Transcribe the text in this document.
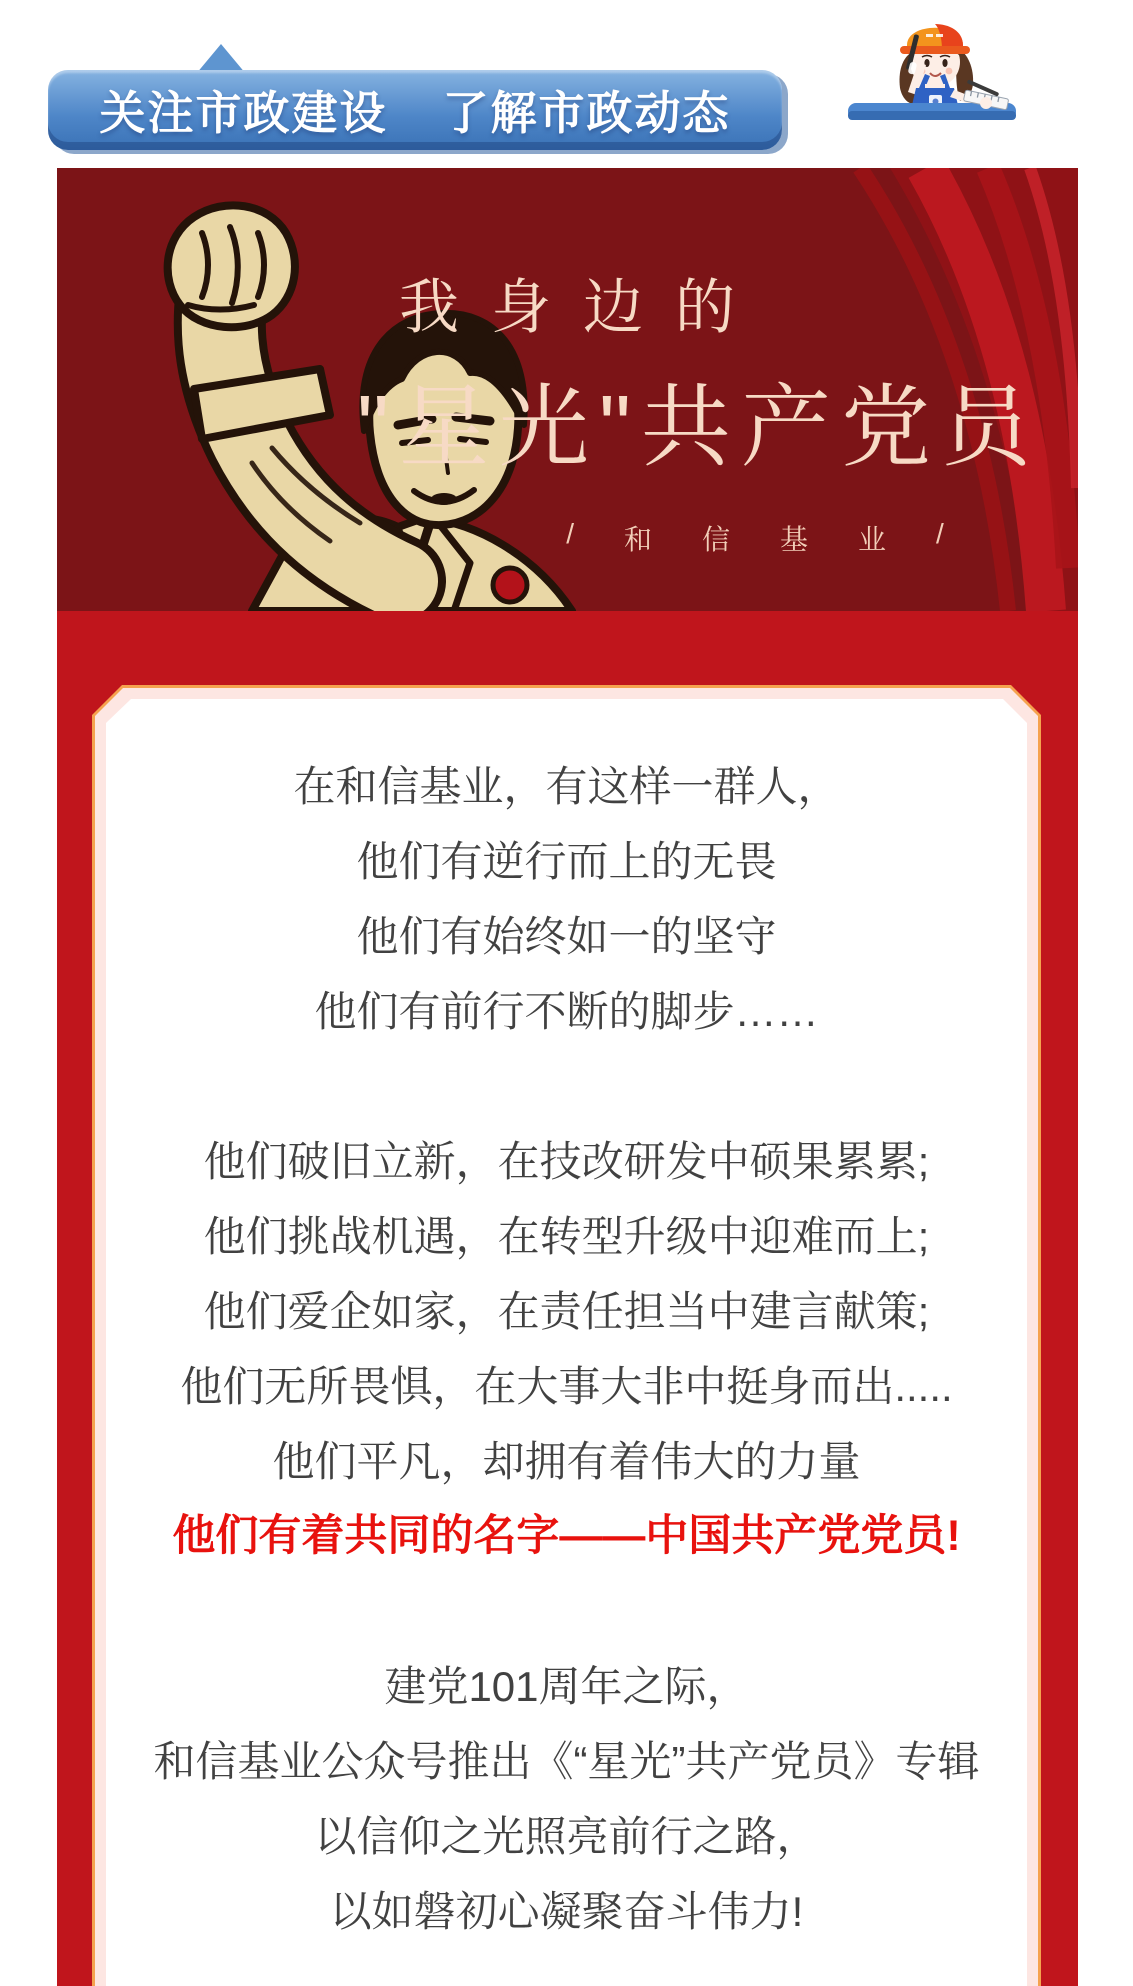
关注市政建设 了解市政动态
我身边的
"星光"共产党员
/ 和 信 基 业 /
在和信基业，有这样一群人，
他们有逆行而上的无畏
他们有始终如一的坚守
他们有前行不断的脚步……
他们破旧立新，在技改研发中硕果累累;
他们挑战机遇，在转型升级中迎难而上;
他们爱企如家，在责任担当中建言献策;
他们无所畏惧，在大事大非中挺身而出.....
他们平凡，却拥有着伟大的力量
他们有着共同的名字——中国共产党党员!
建党101周年之际，
和信基业公众号推出《“星光”共产党员》专辑
以信仰之光照亮前行之路，
以如磐初心凝聚奋斗伟力!
